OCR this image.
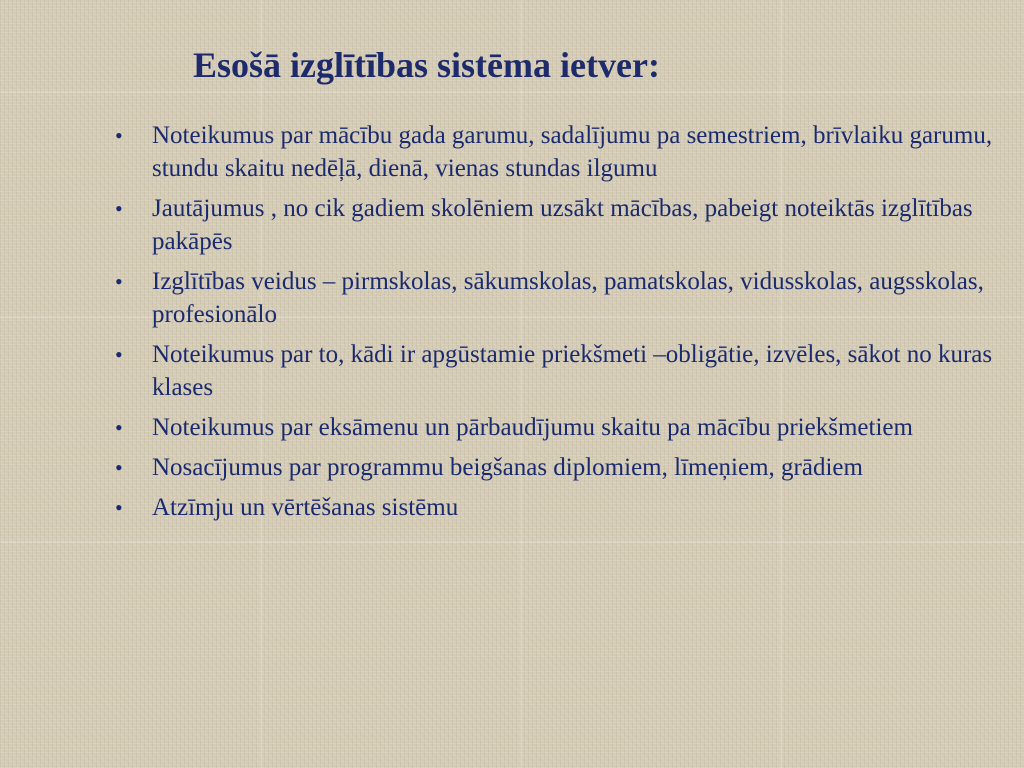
Esošā izglītības sistēma ietver:
•	Noteikumus par mācību gada garumu, sadalījumu pa semestriem, brīvlaiku garumu, stundu skaitu nedēļā, dienā, vienas stundas ilgumu
•	Jautājumus , no cik gadiem skolēniem uzsākt mācības, pabeigt noteiktās izglītības pakāpēs
•	Izglītības veidus – pirmskolas, sākumskolas, pamatskolas, vidusskolas, augsskolas, profesionālo
•	Noteikumus par to, kādi ir apgūstamie priekšmeti –obligātie, izvēles, sākot no kuras klases
•	Noteikumus par eksāmenu un pārbaudījumu skaitu pa mācību priekšmetiem
•	Nosacījumus par programmu beigšanas diplomiem, līmeņiem, grādiem
•	Atzīmju un vērtēšanas sistēmu
